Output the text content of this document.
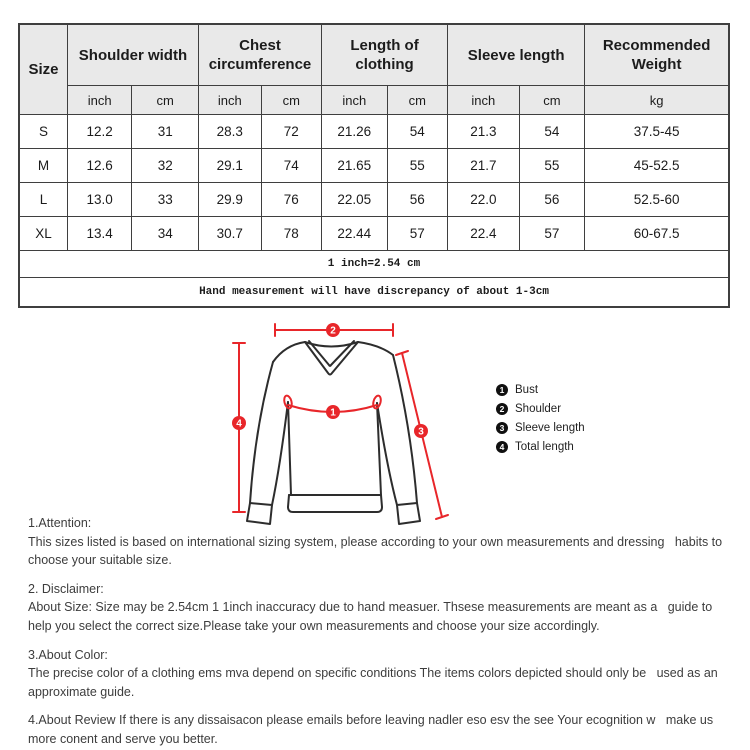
Size	Shoulder width		Chest circumference		Length of clothing		Sleeve length		Recommended Weight
	inch	cm	inch	cm	inch	cm	inch	cm	kg
S	12.2	31	28.3	72	21.26	54	21.3	54	37.5-45
M	12.6	32	29.1	74	21.65	55	21.7	55	45-52.5
L	13.0	33	29.9	76	22.05	56	22.0	56	52.5-60
XL	13.4	34	30.7	78	22.44	57	22.4	57	60-67.5
1 inch=2.54 cm									
Hand measurement will have discrepancy of about 1-3cm									
1
2
3
4
1 Bust
2 Shoulder
3 Sleeve length
4 Total length
1.Attention:
This sizes listed is based on international sizing system, please according to your own measurements and dressing   habits to choose your suitable size.
2. Disclaimer:
About Size: Size may be 2.54cm 1 1inch inaccuracy due to hand measuer. Thsese measurements are meant as a   guide to help you select the correct size.Please take your own measurements and choose your size accordingly.
3.About Color:
The precise color of a clothing ems mva depend on specific conditions The items colors depicted should only be   used as an approximate guide.
4.About Review If there is any dissaisacon please emails before leaving nadler eso esv the see Your ecognition w   make us more conent and serve you better.
